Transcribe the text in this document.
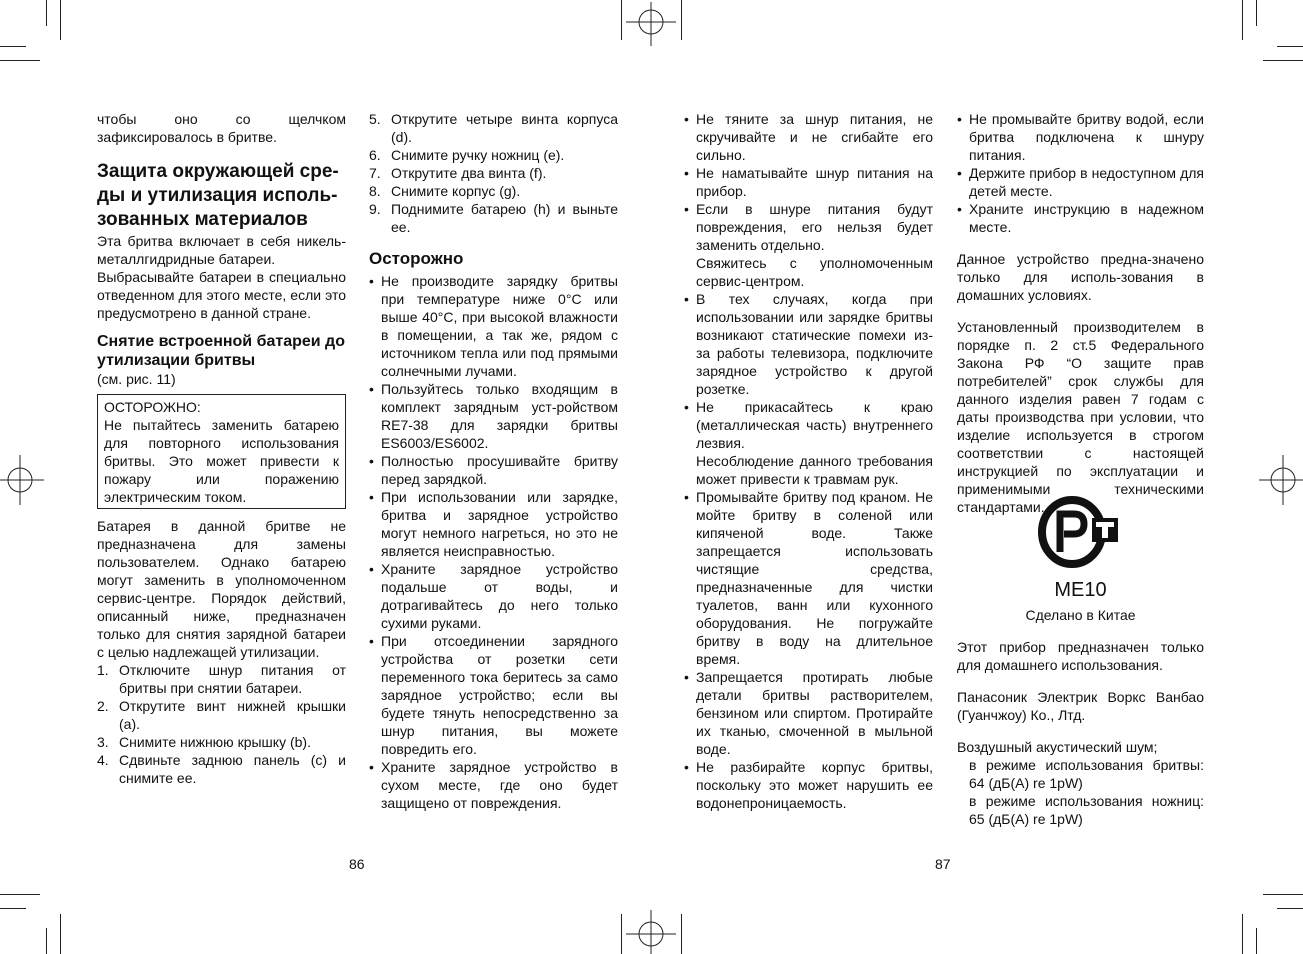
чтобы оно со щелчком зафиксировалось в бритве.

Защита окружающей сре-ды и утилизация исполь-зованных материалов

Эта бритва включает в себя никель-металлгидридные батареи.

Выбрасывайте батареи в специально отведенном для этого месте, если это предусмотрено в данной стране.

Снятие встроенной батареи до утилизации бритвы

(см. рис. 11)

ОСТОРОЖНО:

Не пытайтесь заменить батарею для повторного использования бритвы. Это может привести к пожару или поражению электрическим током.

Батарея в данной бритве не предназначена для замены пользователем. Однако батарею могут заменить в уполномоченном сервис-центре. Порядок действий, описанный ниже, предназначен только для снятия зарядной батареи с целью надлежащей утилизации.

1. Отключите шнур питания от бритвы при снятии батареи.
2. Открутите винт нижней крышки (a).
3. Снимите нижнюю крышку (b).
4. Сдвиньте заднюю панель (c) и снимите ее.
5. Открутите четыре винта корпуса (d).
6. Снимите ручку ножниц (e).
7. Открутите два винта (f).
8. Снимите корпус (g).
9. Поднимите батарею (h) и выньте ее.
Осторожно
• Не производите зарядку бритвы при температуре ниже 0°C или выше 40°C, при высокой влажности в помещении, а так же, рядом с источником тепла или под прямыми солнечными лучами.
• Пользуйтесь только входящим в комплект зарядным уст-ройством RE7-38 для зарядки бритвы ES6003/ES6002.
• Полностью просушивайте бритву перед зарядкой.
• При использовании или зарядке, бритва и зарядное устройство могут немного нагреться, но это не является неисправностью.
• Храните зарядное устройство подальше от воды, и дотрагивайтесь до него только сухими руками.
• При отсоединении зарядного устройства от розетки сети переменного тока беритесь за само зарядное устройство; если вы будете тянуть непосредственно за шнур питания, вы можете повредить его.
• Храните зарядное устройство в сухом месте, где оно будет защищено от повреждения.
86
• Не тяните за шнур питания, не скручивайте и не сгибайте его сильно.
• Не наматывайте шнур питания на прибор.
• Если в шнуре питания будут повреждения, его нельзя будет заменить отдельно.
Свяжитесь с уполномоченным сервис-центром.
• В тех случаях, когда при использовании или зарядке бритвы возникают статические помехи из-за работы телевизора, подключите зарядное устройство к другой розетке.
• Не прикасайтесь к краю (металлическая часть) внутреннего лезвия.
Несоблюдение данного требования может привести к травмам рук.
• Промывайте бритву под краном. Не мойте бритву в соленой или кипяченой воде. Также запрещается использовать чистящие средства, предназначенные для чистки туалетов, ванн или кухонного оборудования. Не погружайте бритву в воду на длительное время.
• Запрещается протирать любые детали бритвы растворителем, бензином или спиртом. Протирайте их тканью, смоченной в мыльной воде.
• Не разбирайте корпус бритвы, поскольку это может нарушить ее водонепроницаемость.
• Не промывайте бритву водой, если бритва подключена к шнуру питания.
• Держите прибор в недоступном для детей месте.
• Храните инструкцию в надежном месте.

Данное устройство предна-значено только для исполь-зования в домашних условиях.

Установленный производителем в порядке п. 2 ст.5 Федерального Закона РФ “О защите прав потребителей” срок службы для данного изделия равен 7 годам с даты производства при условии, что изделие используется в строгом соответствии с настоящей инструкцией по эксплуатации и применимыми техническими стандартами.

ME10

Сделано в Китае

Этот прибор предназначен только для домашнего использования.

Панасоник Электрик Воркс Ванбао (Гуанчжоу) Ко., Лтд.

Воздушный акустический шум;

в режиме использования бритвы: 64 (дБ(A) re 1pW)

в режиме использования ножниц: 65 (дБ(A) re 1pW)

87
